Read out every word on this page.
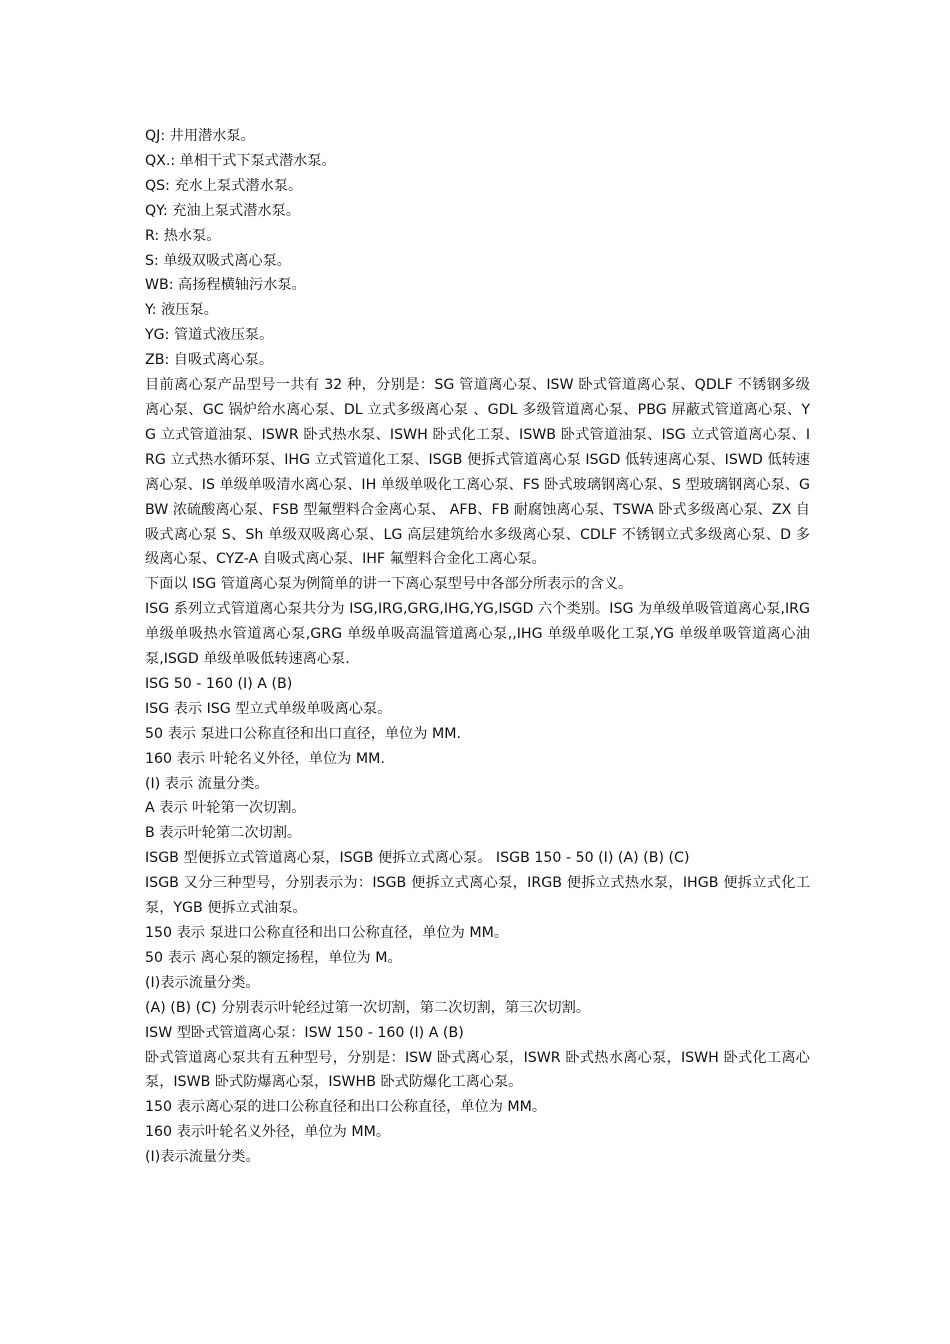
QJ: 井用潜水泵。

QX.: 单相干式下泵式潜水泵。

QS: 充水上泵式潜水泵。

QY: 充油上泵式潜水泵。

R: 热水泵。

S: 单级双吸式离心泵。

WB: 高扬程横轴污水泵。

Y: 液压泵。

YG: 管道式液压泵。

ZB: 自吸式离心泵。

目前离心泵产品型号一共有 32 种，分别是：SG 管道离心泵、ISW 卧式管道离心泵、QDLF 不锈钢多级离心泵、GC 锅炉给水离心泵、DL 立式多级离心泵 、GDL 多级管道离心泵、PBG 屏蔽式管道离心泵、YG 立式管道油泵、ISWR 卧式热水泵、ISWH 卧式化工泵、ISWB 卧式管道油泵、ISG 立式管道离心泵、IRG 立式热水循环泵、IHG 立式管道化工泵、ISGB 便拆式管道离心泵 ISGD 低转速离心泵、ISWD 低转速离心泵、IS 单级单吸清水离心泵、IH 单级单吸化工离心泵、FS 卧式玻璃钢离心泵、S 型玻璃钢离心泵、GBW 浓硫酸离心泵、FSB 型氟塑料合金离心泵、 AFB、FB 耐腐蚀离心泵、TSWA 卧式多级离心泵、ZX 自吸式离心泵 S、Sh 单级双吸离心泵、LG 高层建筑给水多级离心泵、CDLF 不锈钢立式多级离心泵、D 多级离心泵、CYZ-A 自吸式离心泵、IHF 氟塑料合金化工离心泵。

下面以 ISG 管道离心泵为例简单的讲一下离心泵型号中各部分所表示的含义。

ISG 系列立式管道离心泵共分为 ISG,IRG,GRG,IHG,YG,ISGD 六个类别。ISG 为单级单吸管道离心泵,IRG 单级单吸热水管道离心泵,GRG 单级单吸高温管道离心泵,,IHG 单级单吸化工泵,YG 单级单吸管道离心油泵,ISGD 单级单吸低转速离心泵.

ISG 50 - 160 (I) A (B)

ISG 表示 ISG 型立式单级单吸离心泵。

50 表示 泵进口公称直径和出口直径，单位为 MM.

160 表示 叶轮名义外径，单位为 MM.

(I) 表示 流量分类。

A 表示 叶轮第一次切割。

B 表示叶轮第二次切割。

ISGB 型便拆立式管道离心泵，ISGB 便拆立式离心泵。 ISGB 150 - 50 (I) (A) (B) (C)

ISGB 又分三种型号，分别表示为：ISGB 便拆立式离心泵，IRGB 便拆立式热水泵，IHGB 便拆立式化工泵，YGB 便拆立式油泵。

150 表示 泵进口公称直径和出口公称直径，单位为 MM。

50 表示 离心泵的额定扬程，单位为 M。

(I)表示流量分类。

(A) (B) (C) 分别表示叶轮经过第一次切割，第二次切割，第三次切割。

ISW 型卧式管道离心泵：ISW 150 - 160 (I) A (B)

卧式管道离心泵共有五种型号，分别是：ISW 卧式离心泵，ISWR 卧式热水离心泵，ISWH 卧式化工离心泵，ISWB 卧式防爆离心泵，ISWHB 卧式防爆化工离心泵。

150 表示离心泵的进口公称直径和出口公称直径，单位为 MM。

160 表示叶轮名义外径，单位为 MM。

(I)表示流量分类。
